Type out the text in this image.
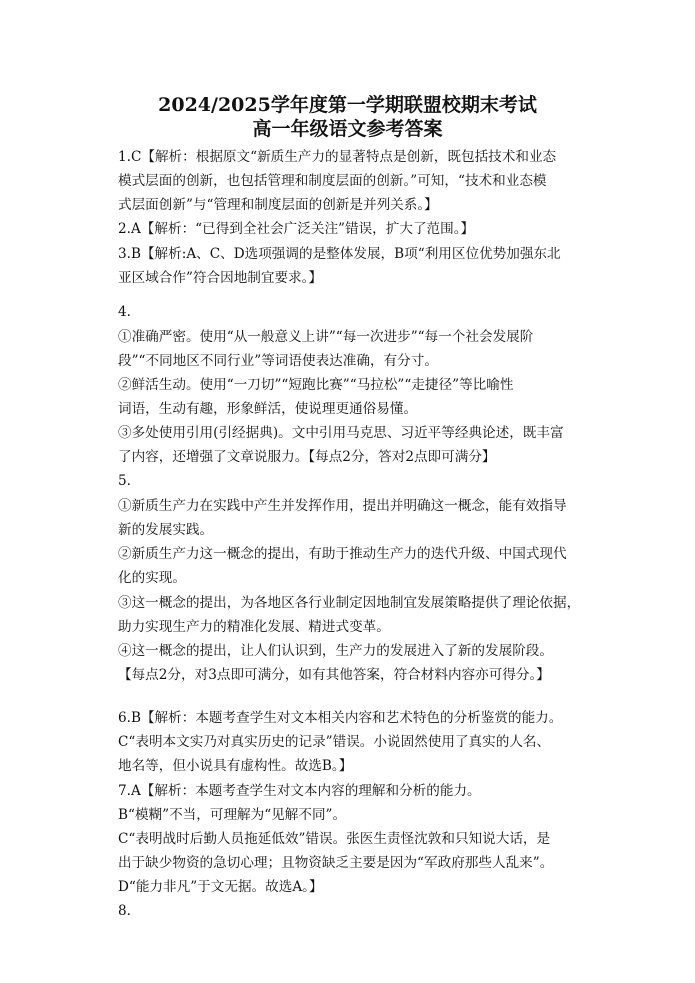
2024/2025学年度第一学期联盟校期末考试
高一年级语文参考答案
1.C【解析：根据原文“新质生产力的显著特点是创新，既包括技术和业态
模式层面的创新，也包括管理和制度层面的创新。”可知，“技术和业态模
式层面创新”与“管理和制度层面的创新是并列关系。】
2.A【解析：“已得到全社会广泛关注”错误，扩大了范围。】
3.B【解析:A、C、D选项强调的是整体发展，B项“利用区位优势加强东北
亚区域合作”符合因地制宜要求。】
4.
①准确严密。使用“从一般意义上讲”“每一次进步”“每一个社会发展阶
段”“不同地区不同行业”等词语使表达准确，有分寸。
②鲜活生动。使用“一刀切”“短跑比赛”“马拉松”“走捷径”等比喻性
词语，生动有趣，形象鲜活，使说理更通俗易懂。
③多处使用引用(引经据典)。文中引用马克思、习近平等经典论述，既丰富
了内容，还增强了文章说服力。【每点2分，答对2点即可满分】
5.
①新质生产力在实践中产生并发挥作用，提出并明确这一概念，能有效指导
新的发展实践。
②新质生产力这一概念的提出，有助于推动生产力的迭代升级、中国式现代
化的实现。
③这一概念的提出，为各地区各行业制定因地制宜发展策略提供了理论依据，
助力实现生产力的精准化发展、精进式变革。
④这一概念的提出，让人们认识到，生产力的发展进入了新的发展阶段。
【每点2分，对3点即可满分，如有其他答案，符合材料内容亦可得分。】
6.B【解析：本题考查学生对文本相关内容和艺术特色的分析鉴赏的能力。
C“表明本文实乃对真实历史的记录”错误。小说固然使用了真实的人名、
地名等，但小说具有虚构性。故选B。】
7.A【解析：本题考查学生对文本内容的理解和分析的能力。
B“模糊”不当，可理解为“见解不同”。
C“表明战时后勤人员拖延低效”错误。张医生责怪沈敦和只知说大话，是
出于缺少物资的急切心理；且物资缺乏主要是因为“军政府那些人乱来”。
D“能力非凡”于文无据。故选A。】
8.
